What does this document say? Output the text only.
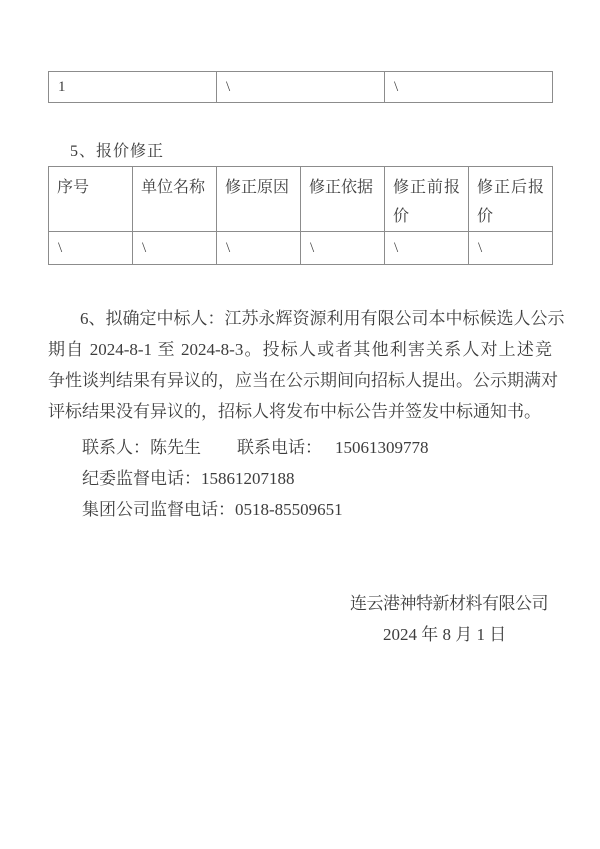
1	\	\
5、报价修正
序号	单位名称	修正原因	修正依据	修正前报价	修正后报价
\	\	\	\	\	\
6、拟确定中标人：江苏永辉资源利用有限公司本中标候选人公示
期自 2024-8-1 至 2024-8-3。投标人或者其他利害关系人对上述竞
争性谈判结果有异议的，应当在公示期间向招标人提出。公示期满对
评标结果没有异议的，招标人将发布中标公告并签发中标通知书。
联系人：陈先生 联系电话： 15061309778
纪委监督电话：15861207188
集团公司监督电话：0518-85509651
连云港神特新材料有限公司
2024 年 8 月 1 日
